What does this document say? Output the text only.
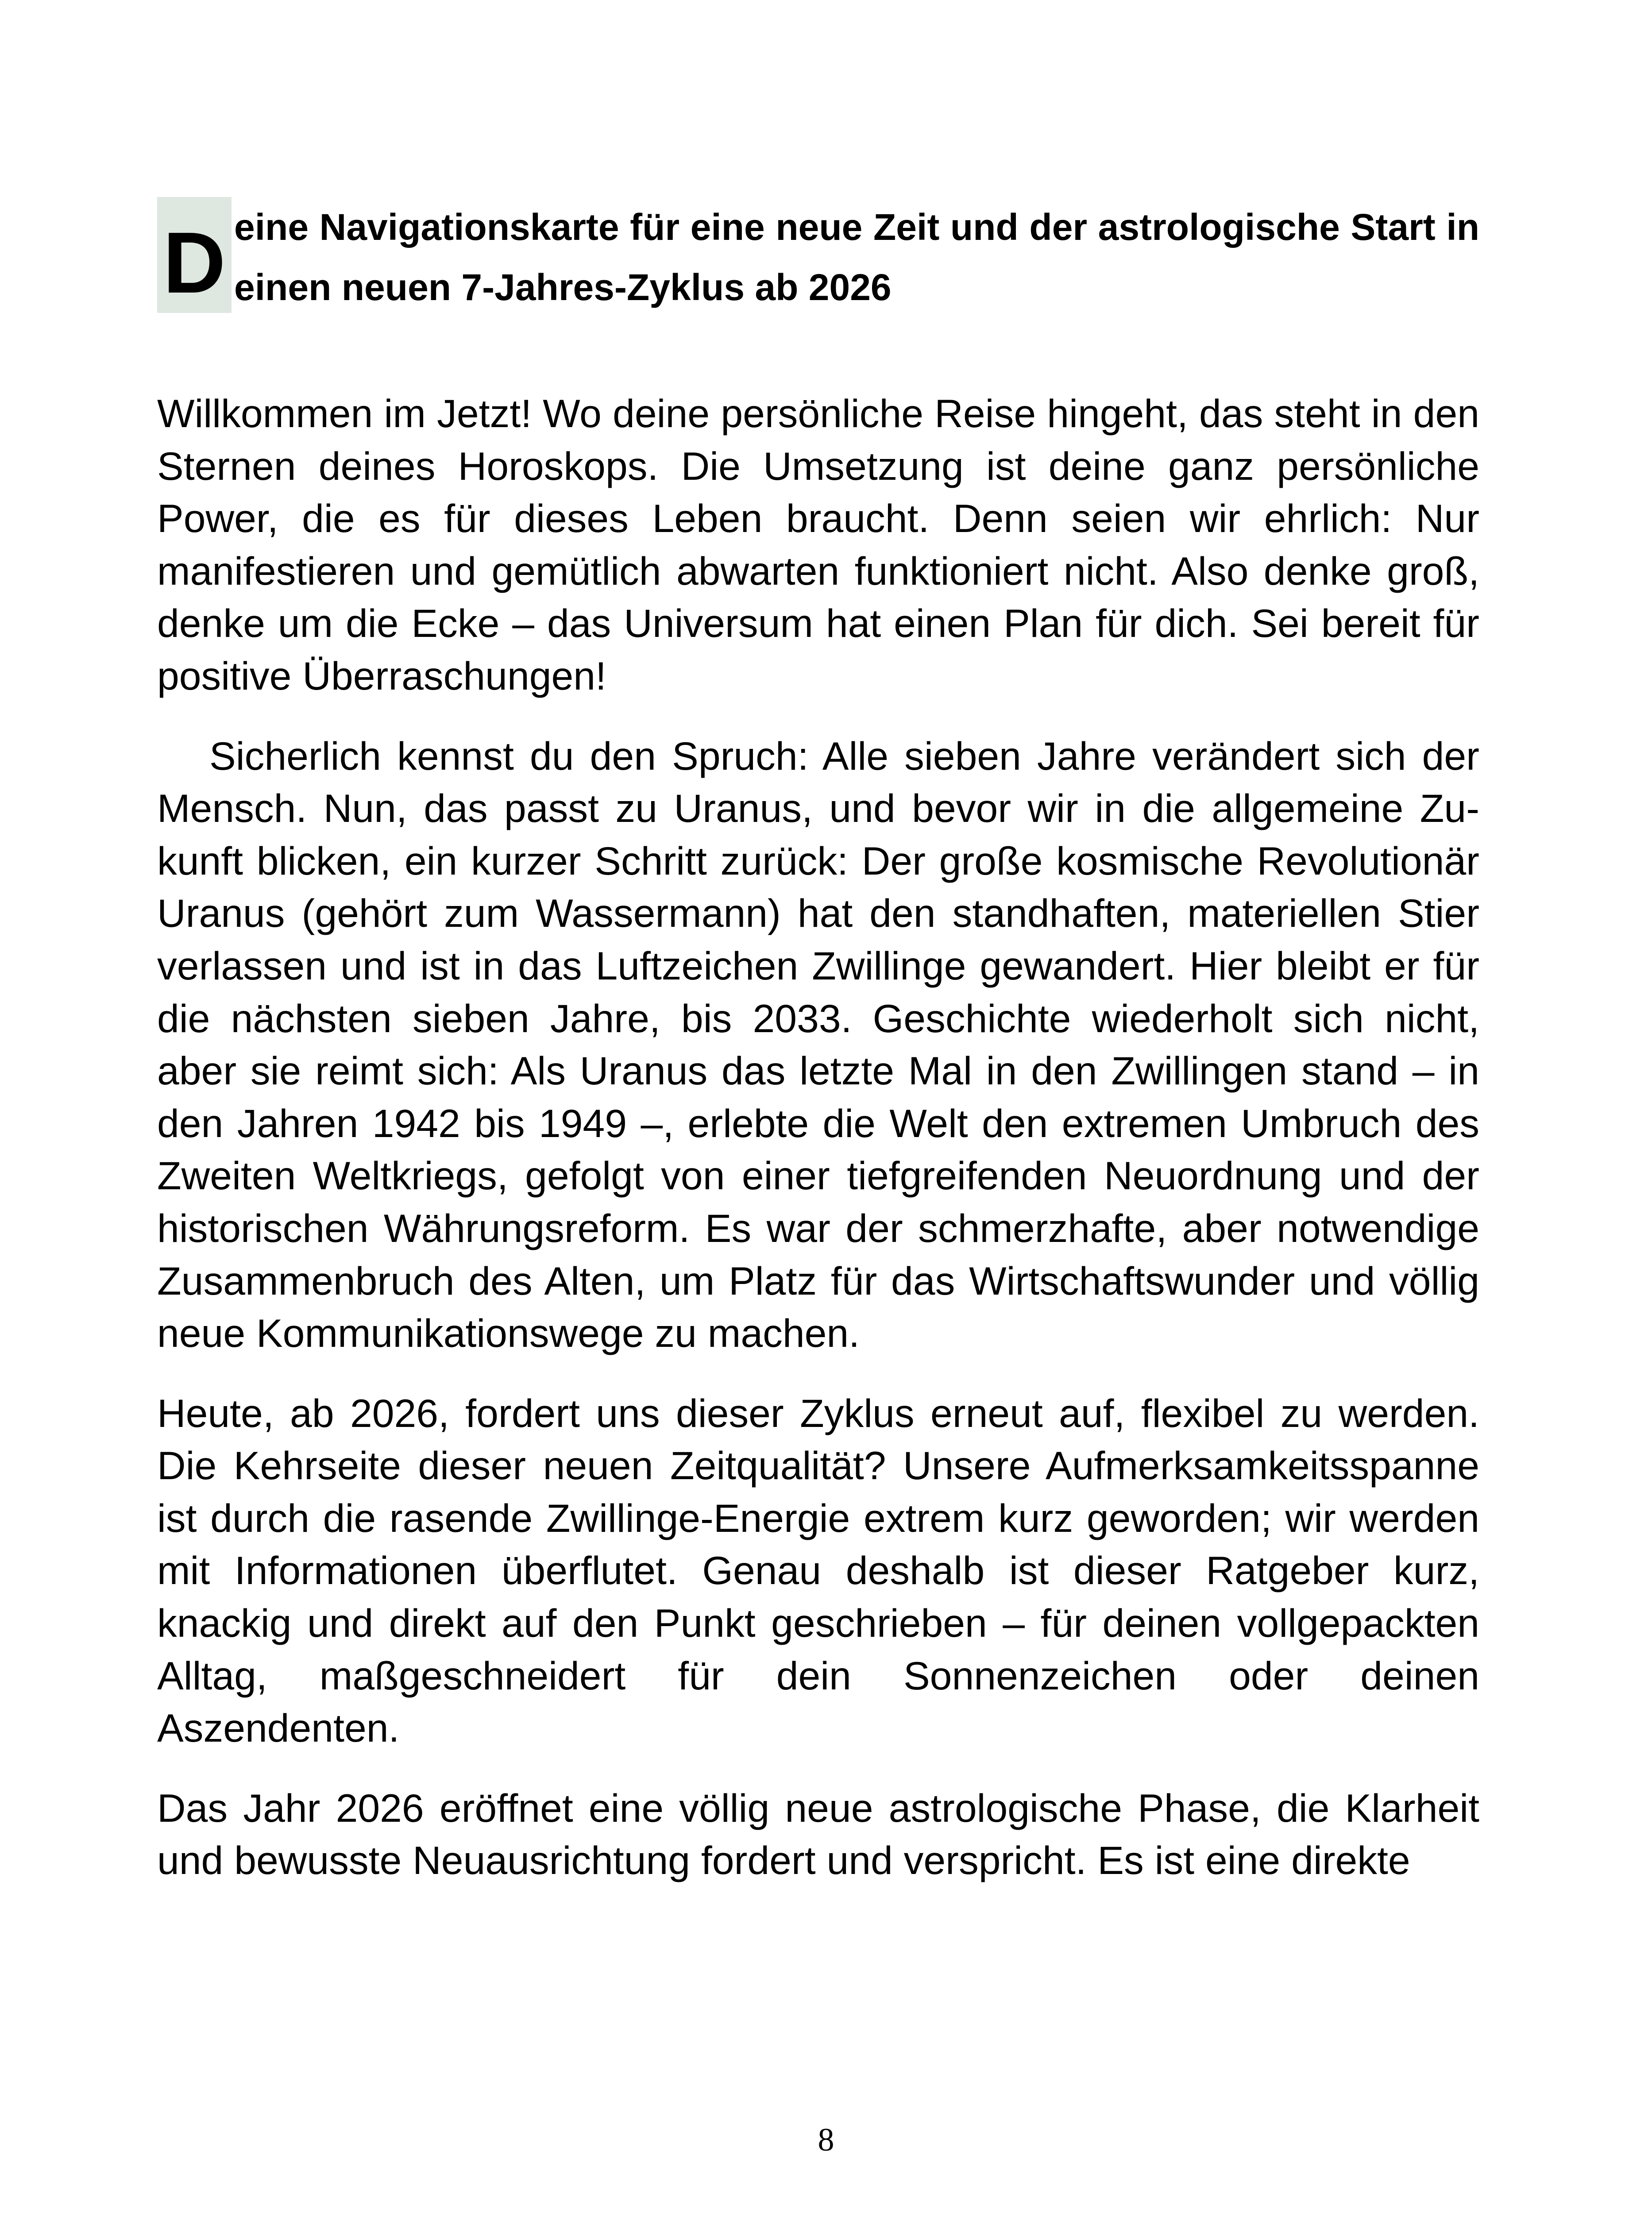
D eine Navigationskarte für eine neue Zeit und der astrologische Start in einen neuen 7-Jahres-Zyklus ab 2026

Willkommen im Jetzt! Wo deine persönliche Reise hingeht, das steht in den Sternen deines Horoskops. Die Umsetzung ist deine ganz persönliche Power, die es für dieses Leben braucht. Denn seien wir ehrlich: Nur manifestieren und gemütlich abwarten funktioniert nicht. Also denke groß, denke um die Ecke – das Universum hat einen Plan für dich. Sei bereit für positive Überraschungen!

Sicherlich kennst du den Spruch: Alle sieben Jahre verändert sich der Mensch. Nun, das passt zu Uranus, und bevor wir in die allgemeine Zukunft blicken, ein kurzer Schritt zurück: Der große kosmische Revolutionär Uranus (gehört zum Wassermann) hat den standhaften, materiellen Stier verlassen und ist in das Luftzeichen Zwillinge gewandert. Hier bleibt er für die nächsten sieben Jahre, bis 2033. Geschichte wiederholt sich nicht, aber sie reimt sich: Als Uranus das letzte Mal in den Zwillingen stand – in den Jahren 1942 bis 1949 –, erlebte die Welt den extremen Umbruch des Zweiten Weltkriegs, gefolgt von einer tiefgreifenden Neuordnung und der historischen Währungsreform. Es war der schmerzhafte, aber notwendige Zusammenbruch des Alten, um Platz für das Wirtschaftswunder und völlig neue Kommunikationswege zu machen.

Heute, ab 2026, fordert uns dieser Zyklus erneut auf, flexibel zu werden. Die Kehrseite dieser neuen Zeitqualität? Unsere Aufmerksamkeitsspanne ist durch die rasende Zwillinge-Energie extrem kurz geworden; wir werden mit Informationen überflutet. Genau deshalb ist dieser Ratgeber kurz, knackig und direkt auf den Punkt geschrieben – für deinen vollgepackten Alltag, maßgeschneidert für dein Sonnenzeichen oder deinen Aszendenten.

Das Jahr 2026 eröffnet eine völlig neue astrologische Phase, die Klarheit und bewusste Neuausrichtung fordert und verspricht. Es ist eine direkte

8
